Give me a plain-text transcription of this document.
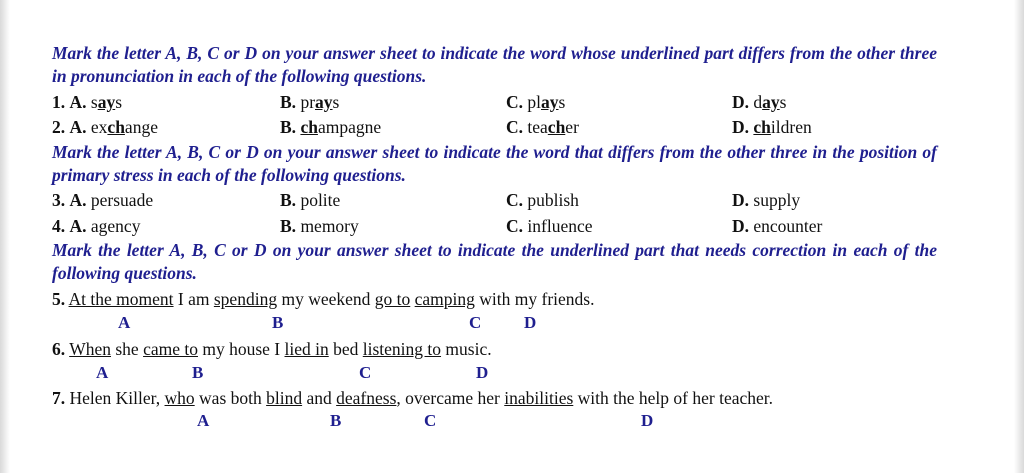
Mark the letter A, B, C or D on your answer sheet to indicate the word whose underlined part differs from the other three in pronunciation in each of the following questions.
1. A. says	B. prays	C. plays	D. days
2. A. exchange	B. champagne	C. teacher	D. children
Mark the letter A, B, C or D on your answer sheet to indicate the word that differs from the other three in the position of primary stress in each of the following questions.
3. A. persuade	B. polite	C. publish	D. supply
4. A. agency	B. memory	C. influence	D. encounter
Mark the letter A, B, C or D on your answer sheet to indicate the underlined part that needs correction in each of the following questions.
5. At the moment I am spending my weekend go to camping with my friends.
A	B	C	D
6. When she came to my house I lied in bed listening to music.
A	B	C	D
7. Helen Killer, who was both blind and deafness, overcame her inabilities with the help of her teacher.
A	B	C	D
